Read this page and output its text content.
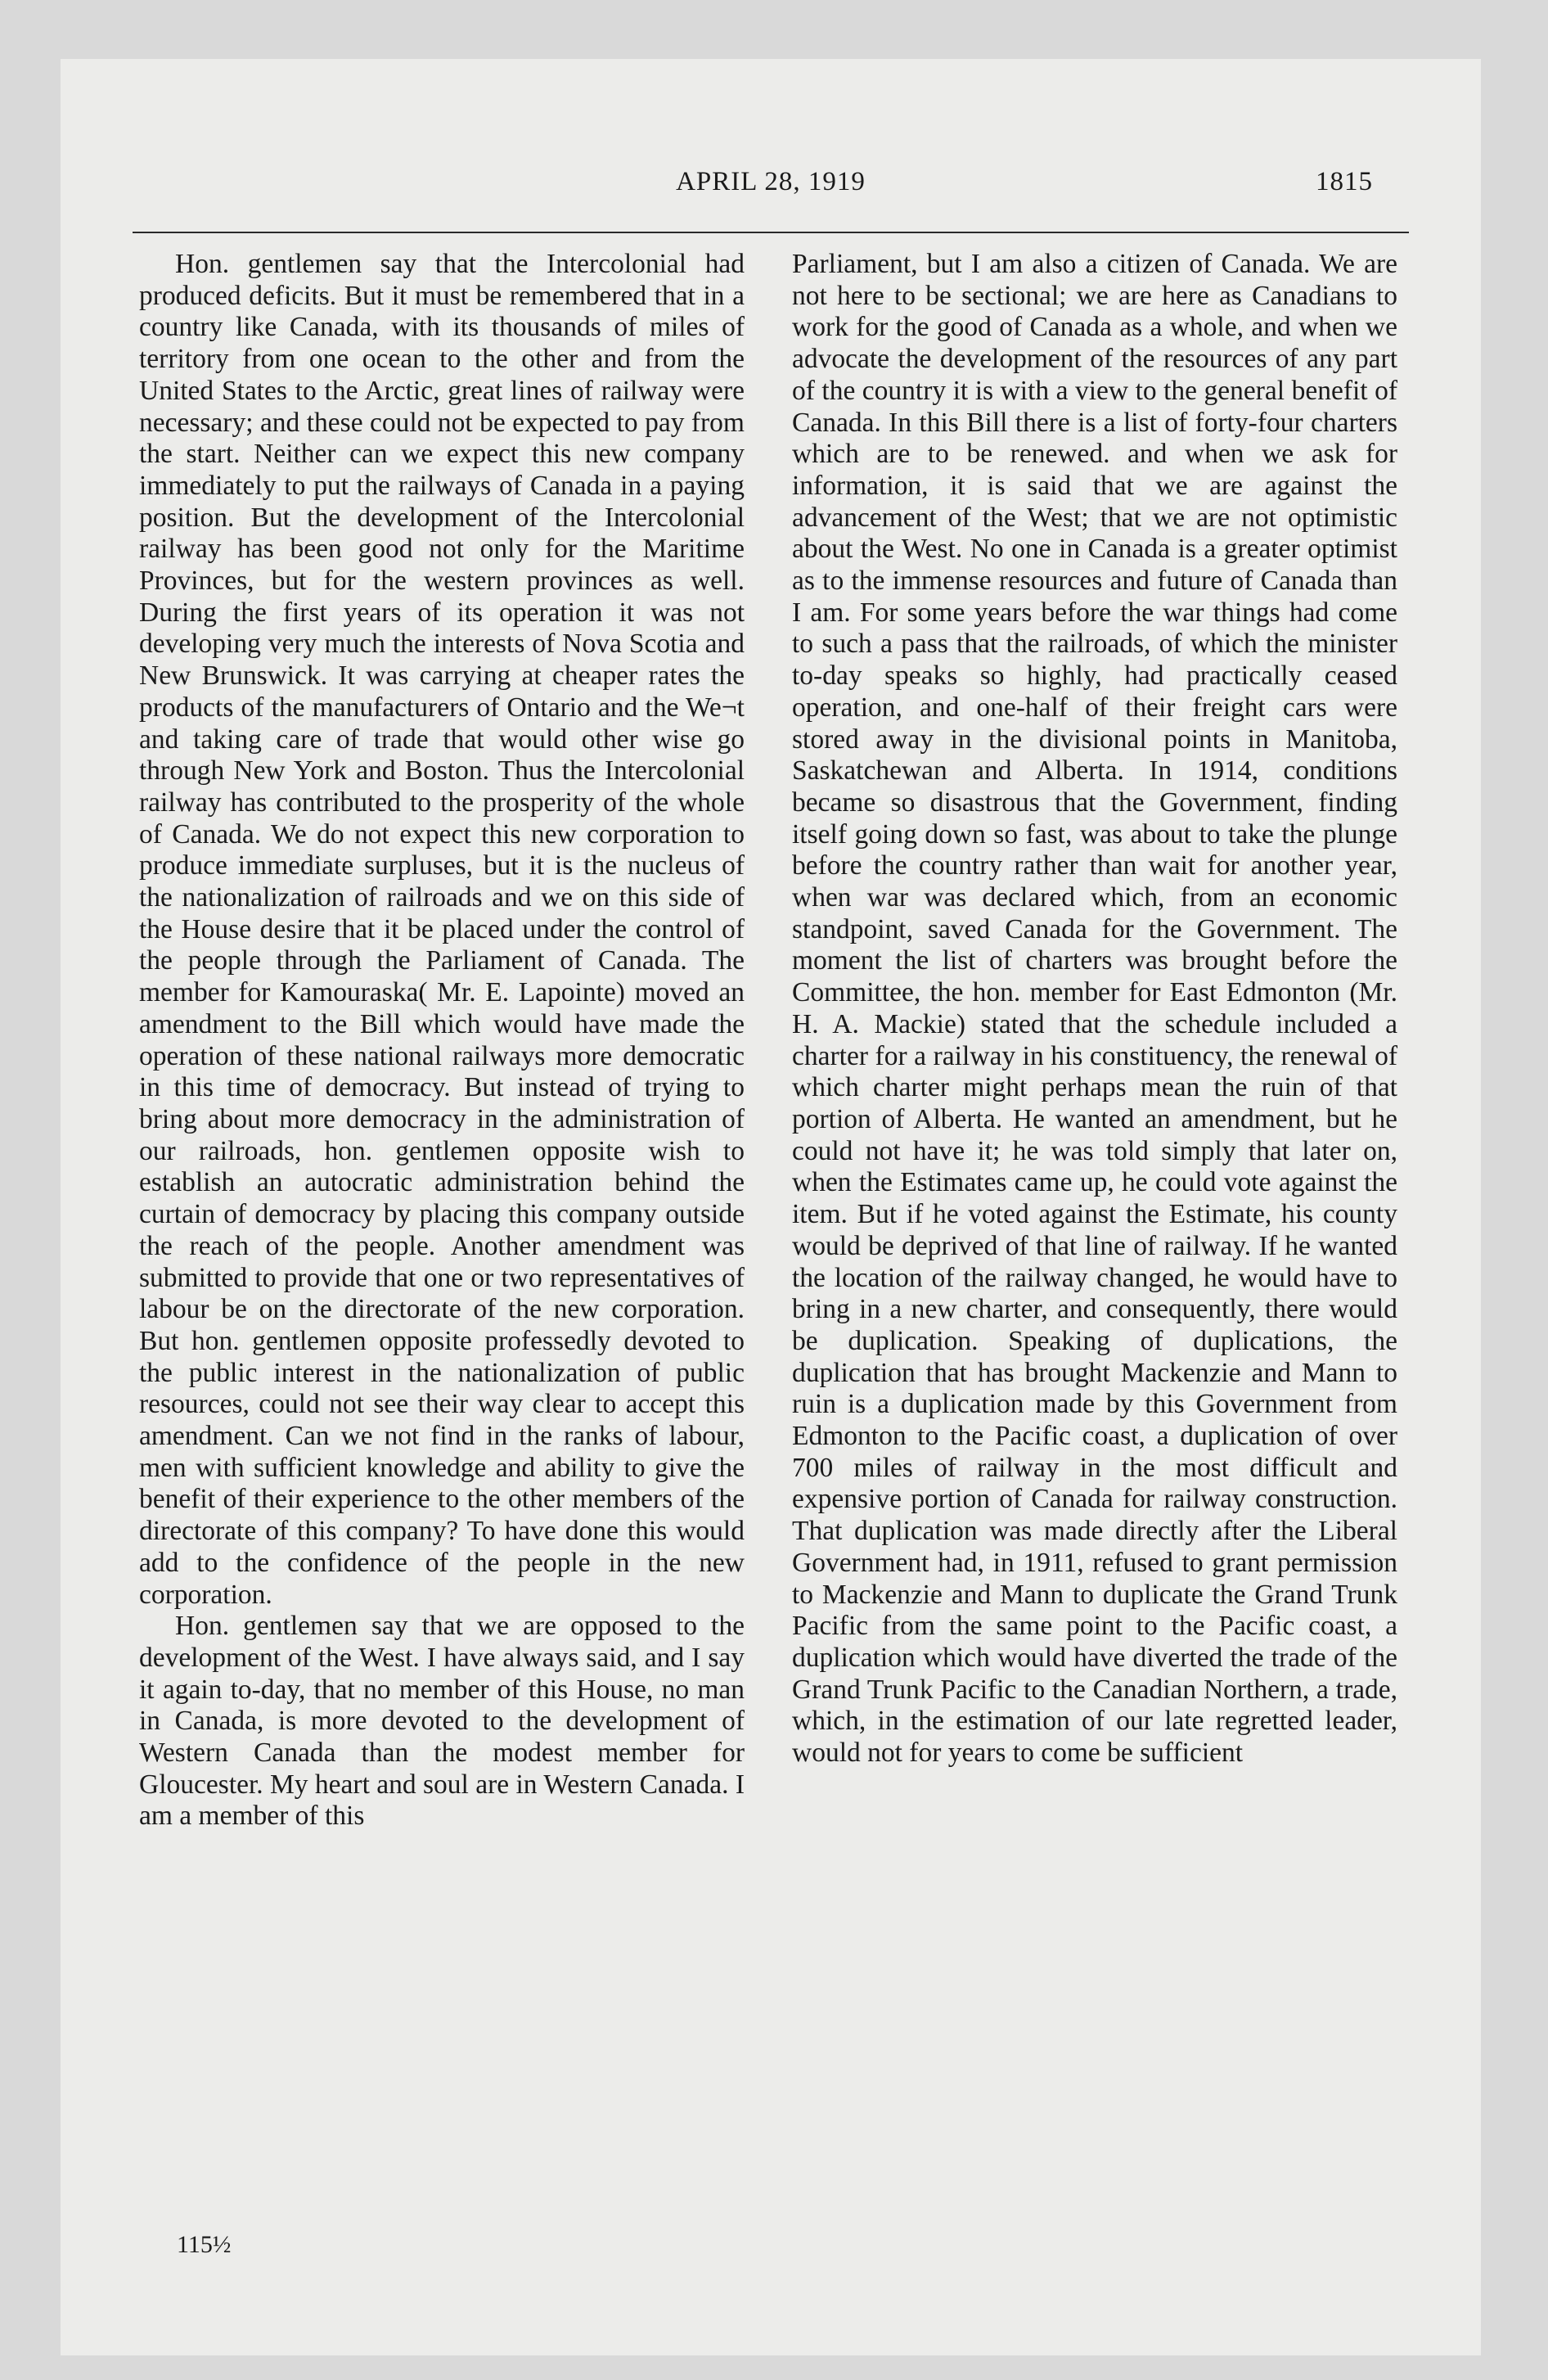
APRIL 28, 1919	1815

Hon. gentlemen say that the Intercolonial had produced deficits. But it must be remembered that in a country like Canada, with its thousands of miles of territory from one ocean to the other and from the United States to the Arctic, great lines of railway were necessary; and these could not be expected to pay from the start. Neither can we expect this new company immediately to put the railways of Canada in a paying position. But the development of the Intercolonial railway has been good not only for the Maritime Provinces, but for the western provinces as well. During the first years of its operation it was not developing very much the interests of Nova Scotia and New Brunswick. It was carrying at cheaper rates the products of the manufacturers of Ontario and the We¬t and taking care of trade that would other wise go through New York and Boston. Thus the Intercolonial railway has contributed to the prosperity of the whole of Canada. We do not expect this new corporation to produce immediate surpluses, but it is the nucleus of the nationalization of railroads and we on this side of the House desire that it be placed under the control of the people through the Parliament of Canada. The member for Kamouraska( Mr. E. Lapointe) moved an amendment to the Bill which would have made the operation of these national railways more democratic in this time of democracy. But instead of trying to bring about more democracy in the administration of our railroads, hon. gentlemen opposite wish to establish an autocratic administration behind the curtain of democracy by placing this company outside the reach of the people. Another amendment was submitted to provide that one or two representatives of labour be on the directorate of the new corporation. But hon. gentlemen opposite professedly devoted to the public interest in the nationalization of public resources, could not see their way clear to accept this amendment. Can we not find in the ranks of labour, men with sufficient knowledge and ability to give the benefit of their experience to the other members of the directorate of this company? To have done this would add to the confidence of the people in the new corporation.

Hon. gentlemen say that we are opposed to the development of the West. I have always said, and I say it again to-day, that no member of this House, no man in Canada, is more devoted to the development of Western Canada than the modest member for Gloucester. My heart and soul are in Western Canada. I am a member of this

Parliament, but I am also a citizen of Canada. We are not here to be sectional; we are here as Canadians to work for the good of Canada as a whole, and when we advocate the development of the resources of any part of the country it is with a view to the general benefit of Canada. In this Bill there is a list of forty-four charters which are to be renewed. and when we ask for information, it is said that we are against the advancement of the West; that we are not optimistic about the West. No one in Canada is a greater optimist as to the immense resources and future of Canada than I am. For some years before the war things had come to such a pass that the railroads, of which the minister to-day speaks so highly, had practically ceased operation, and one-half of their freight cars were stored away in the divisional points in Manitoba, Saskatchewan and Alberta. In 1914, conditions became so disastrous that the Government, finding itself going down so fast, was about to take the plunge before the country rather than wait for another year, when war was declared which, from an economic standpoint, saved Canada for the Government. The moment the list of charters was brought before the Committee, the hon. member for East Edmonton (Mr. H. A. Mackie) stated that the schedule included a charter for a railway in his constituency, the renewal of which charter might perhaps mean the ruin of that portion of Alberta. He wanted an amendment, but he could not have it; he was told simply that later on, when the Estimates came up, he could vote against the item. But if he voted against the Estimate, his county would be deprived of that line of railway. If he wanted the location of the railway changed, he would have to bring in a new charter, and consequently, there would be duplication. Speaking of duplications, the duplication that has brought Mackenzie and Mann to ruin is a duplication made by this Government from Edmonton to the Pacific coast, a duplication of over 700 miles of railway in the most difficult and expensive portion of Canada for railway construction. That duplication was made directly after the Liberal Government had, in 1911, refused to grant permission to Mackenzie and Mann to duplicate the Grand Trunk Pacific from the same point to the Pacific coast, a duplication which would have diverted the trade of the Grand Trunk Pacific to the Canadian Northern, a trade, which, in the estimation of our late regretted leader, would not for years to come be sufficient

115½
